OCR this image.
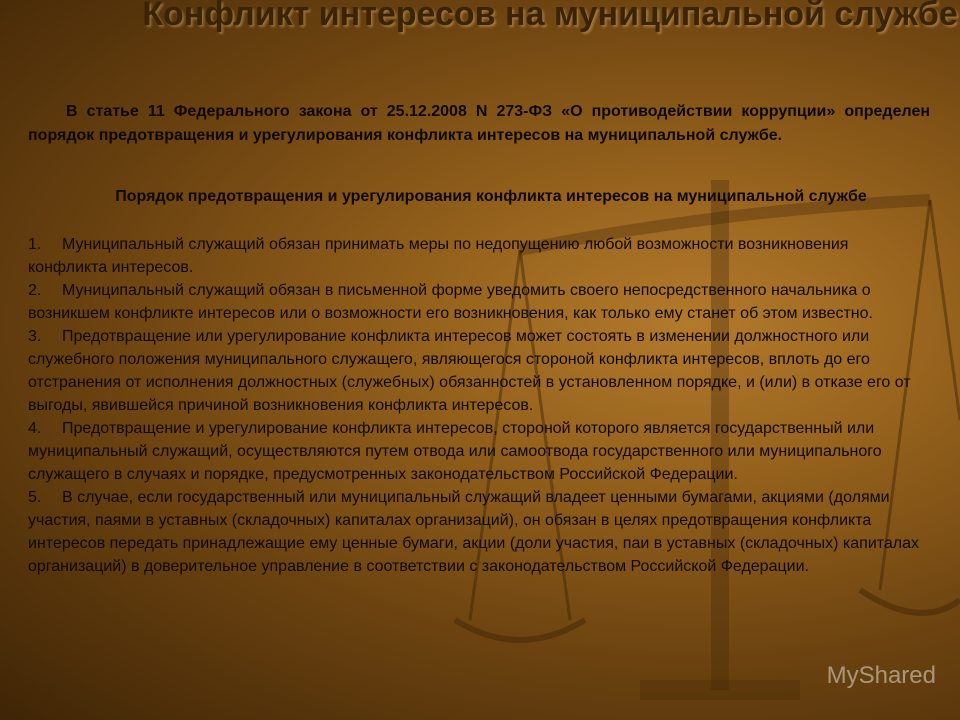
Конфликт интересов на муниципальной службе

В статье 11 Федерального закона от 25.12.2008 N 273-ФЗ «О противодействии коррупции» определен порядок предотвращения и урегулирования конфликта интересов на муниципальной службе.

Порядок предотвращения и урегулирования конфликта интересов на муниципальной службе

1. Муниципальный служащий обязан принимать меры по недопущению любой возможности возникновения конфликта интересов.
2. Муниципальный служащий обязан в письменной форме уведомить своего непосредственного начальника о возникшем конфликте интересов или о возможности его возникновения, как только ему станет об этом известно.
3. Предотвращение или урегулирование конфликта интересов может состоять в изменении должностного или служебного положения муниципального служащего, являющегося стороной конфликта интересов, вплоть до его отстранения от исполнения должностных (служебных) обязанностей в установленном порядке, и (или) в отказе его от выгоды, явившейся причиной возникновения конфликта интересов.
4. Предотвращение и урегулирование конфликта интересов, стороной которого является государственный или муниципальный служащий, осуществляются путем отвода или самоотвода государственного или муниципального служащего в случаях и порядке, предусмотренных законодательством Российской Федерации.
5. В случае, если государственный или муниципальный служащий владеет ценными бумагами, акциями (долями участия, паями в уставных (складочных) капиталах организаций), он обязан в целях предотвращения конфликта интересов передать принадлежащие ему ценные бумаги, акции (доли участия, паи в уставных (складочных) капиталах организаций) в доверительное управление в соответствии с законодательством Российской Федерации.
MyShared
